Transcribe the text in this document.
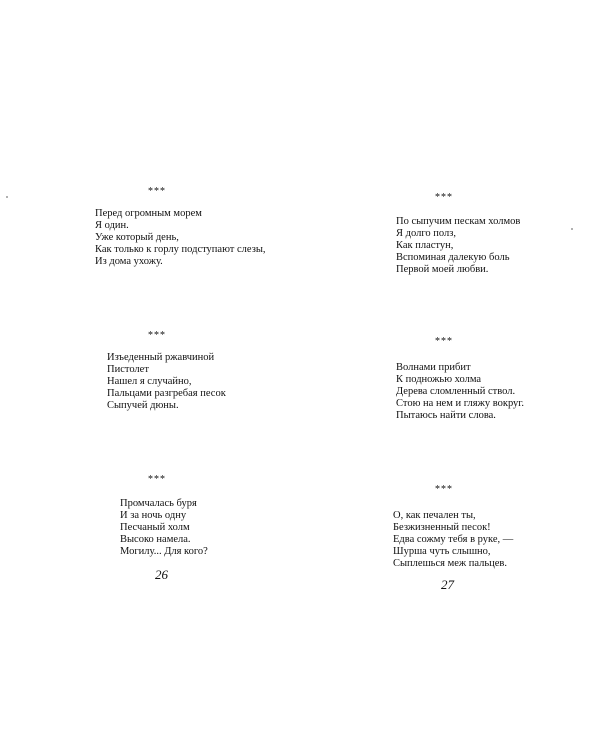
***
Перед огромным морем
Я один.
Уже который день,
Как только к горлу подступают слезы,
Из дома ухожу.
***
Изъеденный ржавчиной
Пистолет
Нашел я случайно,
Пальцами разгребая песок
Сыпучей дюны.
***
Промчалась буря
И за ночь одну
Песчаный холм
Высоко намела.
Могилу... Для кого?
26
***
По сыпучим пескам холмов
Я долго полз,
Как пластун,
Вспоминая далекую боль
Первой моей любви.
***
Волнами прибит
К подножью холма
Дерева сломленный ствол.
Стою на нем и гляжу вокруг.
Пытаюсь найти слова.
***
О, как печален ты,
Безжизненный песок!
Едва сожму тебя в руке, —
Шурша чуть слышно,
Сыплешься меж пальцев.
27
